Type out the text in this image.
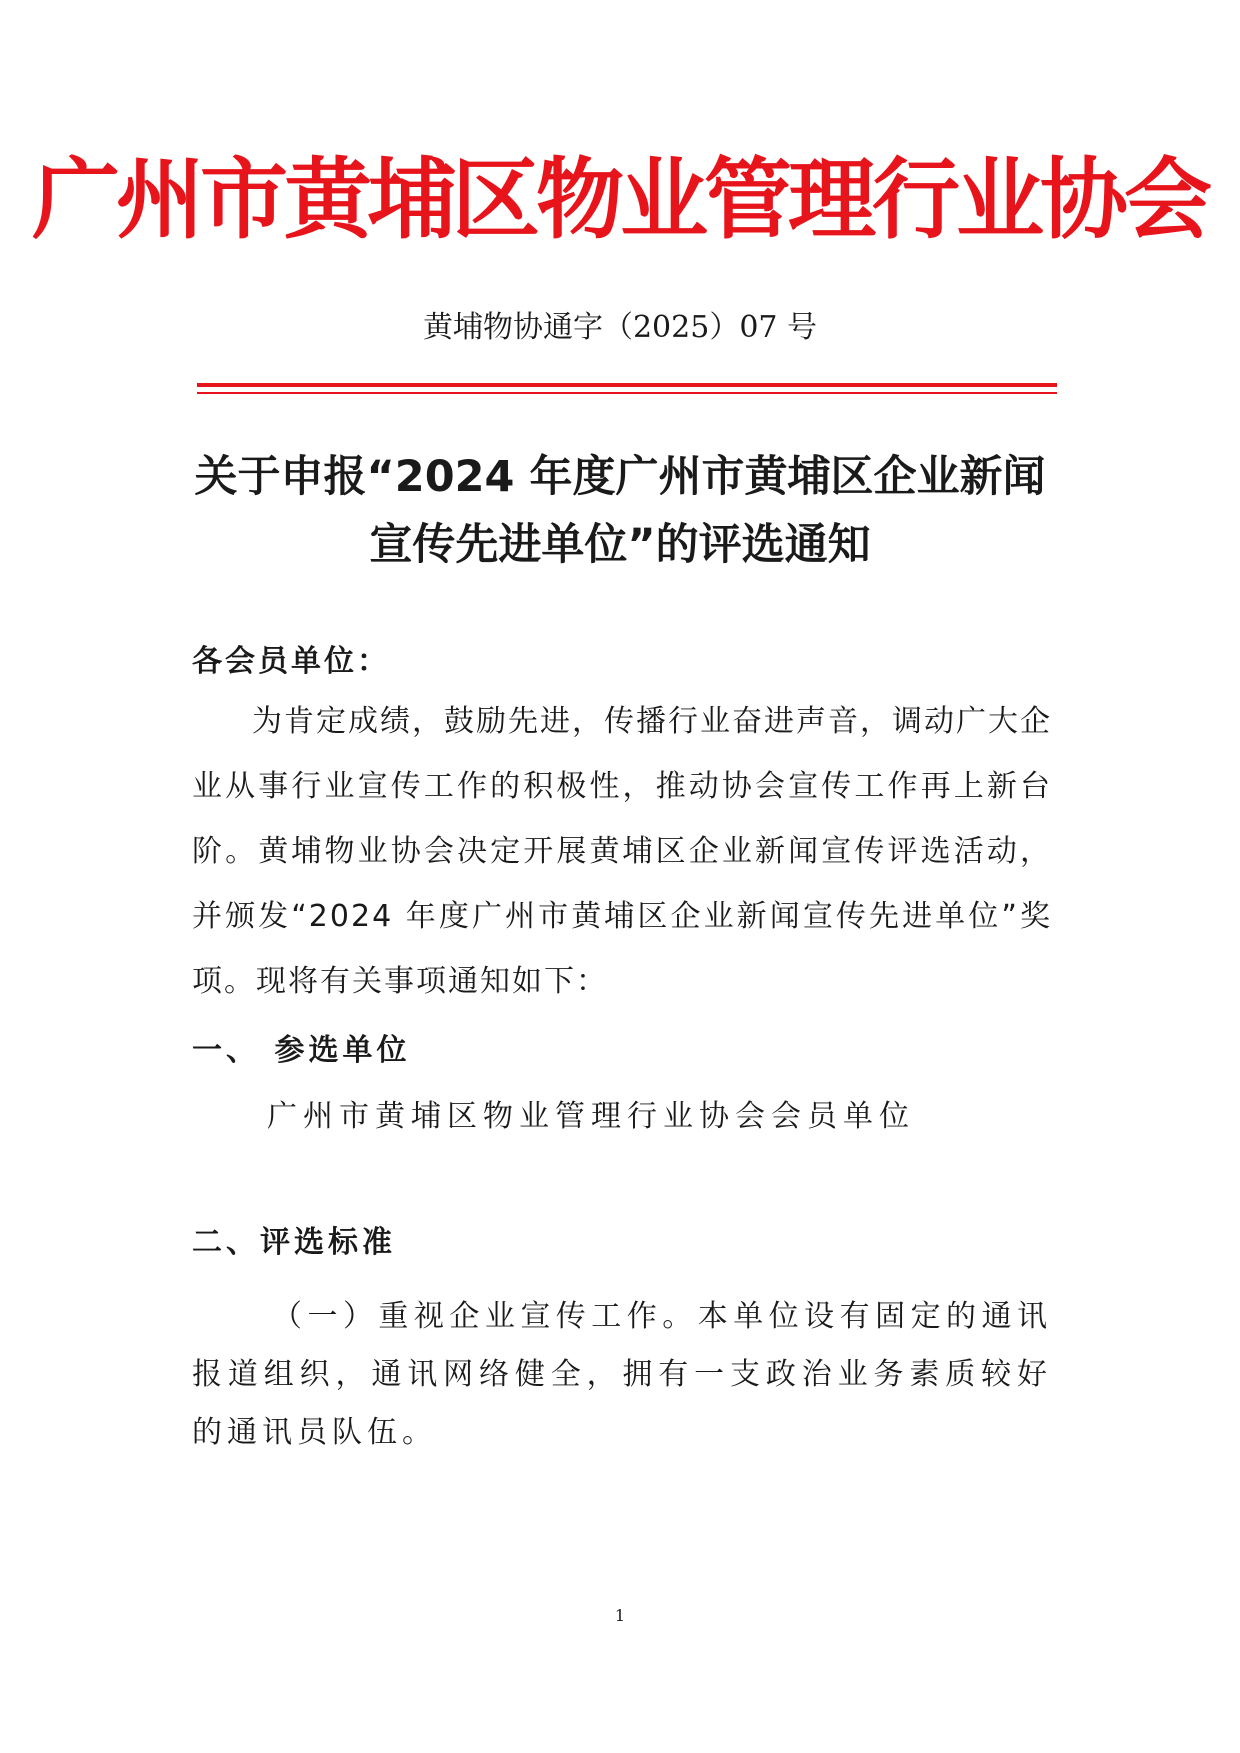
广州市黄埔区物业管理行业协会
黄埔物协通字（2025）07 号
关于申报“2024 年度广州市黄埔区企业新闻
宣传先进单位”的评选通知

各会员单位：

为肯定成绩，鼓励先进，传播行业奋进声音，调动广大企业从事行业宣传工作的积极性，推动协会宣传工作再上新台阶。黄埔物业协会决定开展黄埔区企业新闻宣传评选活动，并颁发“2024 年度广州市黄埔区企业新闻宣传先进单位”奖项。现将有关事项通知如下：

一、 参选单位

广州市黄埔区物业管理行业协会会员单位

二、评选标准

（一）重视企业宣传工作。本单位设有固定的通讯报道组织，通讯网络健全，拥有一支政治业务素质较好的通讯员队伍。

1
